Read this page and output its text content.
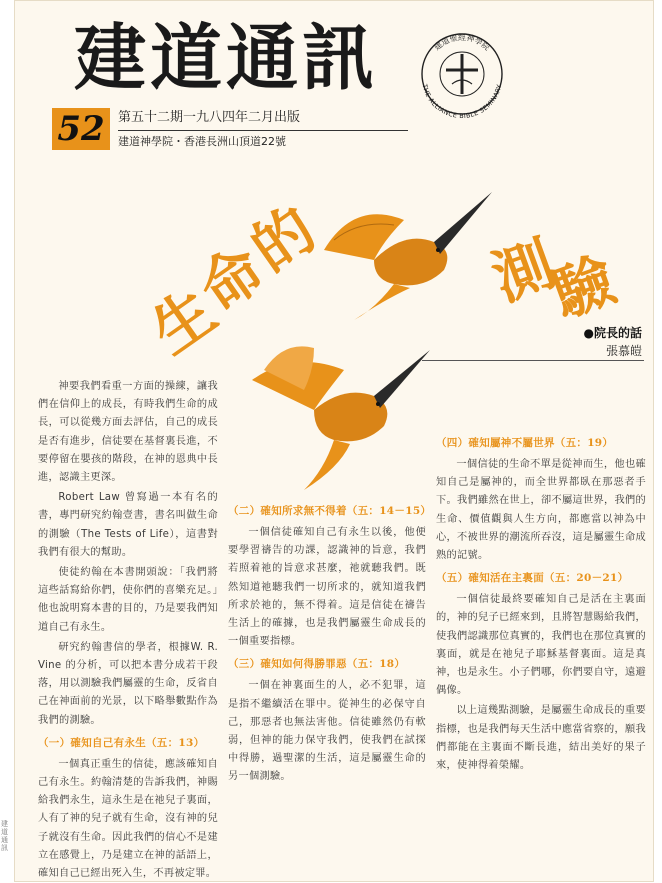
建道通訊
建道通訊	建道聖經神學院
THE ALLIANCE BIBLE SEMINARY
52	第五十二期一九八四年二月出版
建道神學院・香港長洲山頂道22號
生
命
的	測
驗
●院長的話
張慕皚

神要我們看重一方面的操練，讓我們在信仰上的成長，有時我們生命的成長，可以從幾方面去評估，自己的成長是否有進步，信徒要在基督裏長進，不要停留在嬰孩的階段，在神的恩典中長進，認識主更深。

Robert Law 曾寫過一本有名的書，專門研究約翰壹書，書名叫做生命的測驗（The Tests of Life），這書對我們有很大的幫助。

使徒約翰在本書開頭說：「我們將這些話寫給你們，使你們的喜樂充足。」他也說明寫本書的目的，乃是要我們知道自己有永生。

研究約翰書信的學者，根據W. R. Vine 的分析，可以把本書分成若干段落，用以測驗我們屬靈的生命，反省自己在神面前的光景，以下略舉數點作為我們的測驗。

（一）確知自己有永生（五：13）

一個真正重生的信徒，應該確知自己有永生。約翰清楚的告訴我們，神賜給我們永生，這永生是在祂兒子裏面，人有了神的兒子就有生命，沒有神的兒子就沒有生命。因此我們的信心不是建立在感覺上，乃是建立在神的話語上，確知自己已經出死入生，不再被定罪。

（二）確知所求無不得着（五：14－15）

一個信徒確知自己有永生以後，他便要學習禱告的功課，認識神的旨意，我們若照着祂的旨意求甚麼，祂就聽我們。既然知道祂聽我們一切所求的，就知道我們所求於祂的，無不得着。這是信徒在禱告生活上的確據，也是我們屬靈生命成長的一個重要指標。

（三）確知如何得勝罪惡（五：18）

一個在神裏面生的人，必不犯罪，這是指不繼續活在罪中。從神生的必保守自己，那惡者也無法害他。信徒雖然仍有軟弱，但神的能力保守我們，使我們在試探中得勝，過聖潔的生活，這是屬靈生命的另一個測驗。

（四）確知屬神不屬世界（五：19）

一個信徒的生命不單是從神而生，他也確知自己是屬神的，而全世界都臥在那惡者手下。我們雖然在世上，卻不屬這世界，我們的生命、價值觀與人生方向，都應當以神為中心，不被世界的潮流所吞沒，這是屬靈生命成熟的記號。

（五）確知活在主裏面（五：20－21）

一個信徒最終要確知自己是活在主裏面的，神的兒子已經來到，且將智慧賜給我們，使我們認識那位真實的，我們也在那位真實的裏面，就是在祂兒子耶穌基督裏面。這是真神，也是永生。小子們哪，你們要自守，遠避偶像。

以上這幾點測驗，是屬靈生命成長的重要指標，也是我們每天生活中應當省察的，願我們都能在主裏面不斷長進，結出美好的果子來，使神得着榮耀。
